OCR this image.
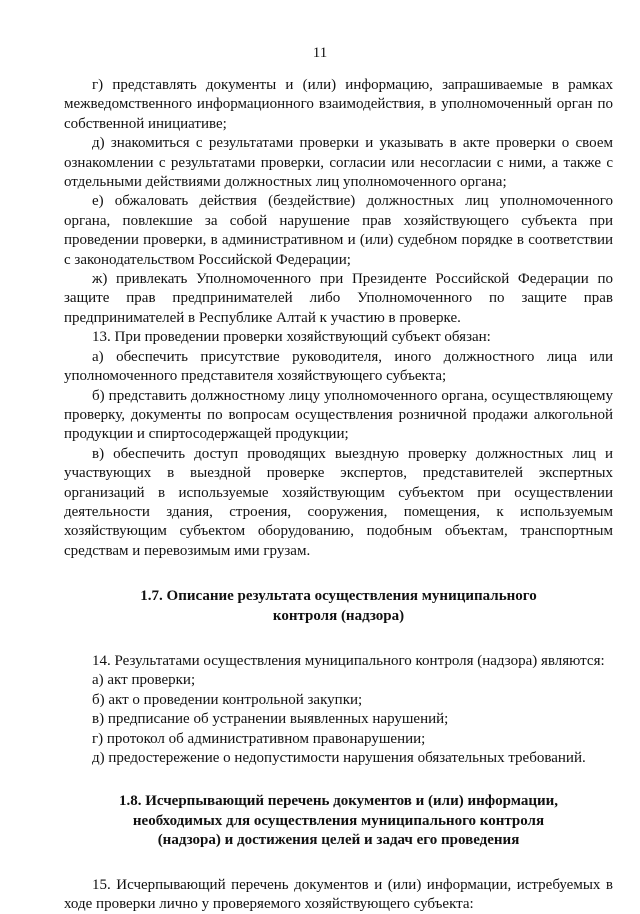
11

г) представлять документы и (или) информацию, запрашиваемые в рамках межведомственного информационного взаимодействия, в уполномоченный орган по собственной инициативе;

д) знакомиться с результатами проверки и указывать в акте проверки о своем ознакомлении с результатами проверки, согласии или несогласии с ними, а также с отдельными действиями должностных лиц уполномоченного органа;

е) обжаловать действия (бездействие) должностных лиц уполномоченного органа, повлекшие за собой нарушение прав хозяйствующего субъекта при проведении проверки, в административном и (или) судебном порядке в соответствии с законодательством Российской Федерации;

ж) привлекать Уполномоченного при Президенте Российской Федерации по защите прав предпринимателей либо Уполномоченного по защите прав предпринимателей в Республике Алтай к участию в проверке.

13. При проведении проверки хозяйствующий субъект обязан:

а) обеспечить присутствие руководителя, иного должностного лица или уполномоченного представителя хозяйствующего субъекта;

б) представить должностному лицу уполномоченного органа, осуществляющему проверку, документы по вопросам осуществления розничной продажи алкогольной продукции и спиртосодержащей продукции;

в) обеспечить доступ проводящих выездную проверку должностных лиц и участвующих в выездной проверке экспертов, представителей экспертных организаций в используемые хозяйствующим субъектом при осуществлении деятельности здания, строения, сооружения, помещения, к используемым хозяйствующим субъектом оборудованию, подобным объектам, транспортным средствам и перевозимым ими грузам.

1.7. Описание результата осуществления муниципального контроля (надзора)

14. Результатами осуществления муниципального контроля (надзора) являются:

а) акт проверки;

б) акт о проведении контрольной закупки;

в) предписание об устранении выявленных нарушений;

г) протокол об административном правонарушении;

д) предостережение о недопустимости нарушения обязательных требований.

1.8. Исчерпывающий перечень документов и (или) информации, необходимых для осуществления муниципального контроля (надзора) и достижения целей и задач его проведения

15. Исчерпывающий перечень документов и (или) информации, истребуемых в ходе проверки лично у проверяемого хозяйствующего субъекта:
